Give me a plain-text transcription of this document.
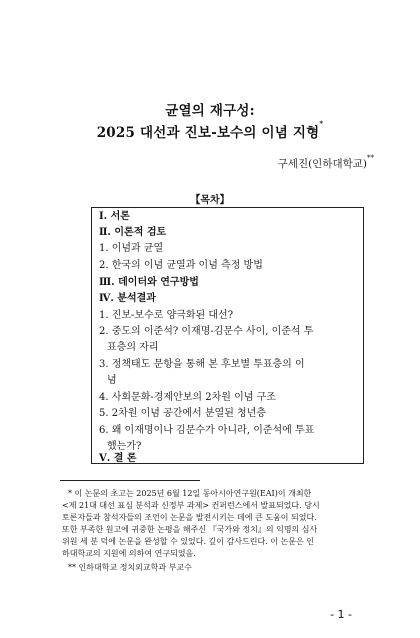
균열의 재구성:
2025 대선과 진보-보수의 이념 지형*
구세진(인하대학교)**
【목차】
Ⅰ. 서론
Ⅱ. 이론적 검토
1. 이념과 균열
2. 한국의 이념 균열과 이념 측정 방법
Ⅲ. 데이터와 연구방법
Ⅳ. 분석결과
1. 진보-보수로 양극화된 대선?
2. 중도의 이준석? 이재명-김문수 사이, 이준석 투
표층의 자리
3. 정책태도 문항을 통해 본 후보별 투표층의 이
념
4. 사회문화-경제안보의 2차원 이념 구조
5. 2차원 이념 공간에서 분열된 청년층
6. 왜 이재명이나 김문수가 아니라, 이준석에 투표
했는가?
Ⅴ. 결 론
* 이 논문의 초고는 2025년 6월 12일 동아시아연구원(EAI)이 개최한
<제 21대 대선 표심 분석과 신정부 과제> 컨퍼런스에서 발표되었다. 당시
토론자들과 참석자들의 조언이 논문을 발전시키는 데에 큰 도움이 되었다.
또한 부족한 원고에 귀중한 논평을 해주신 『국가와 정치』의 익명의 심사
위원 세 분 덕에 논문을 완성할 수 있었다. 깊이 감사드린다. 이 논문은 인
하대학교의 지원에 의하여 연구되었음.
** 인하대학교 정치외교학과 부교수
- 1 -
